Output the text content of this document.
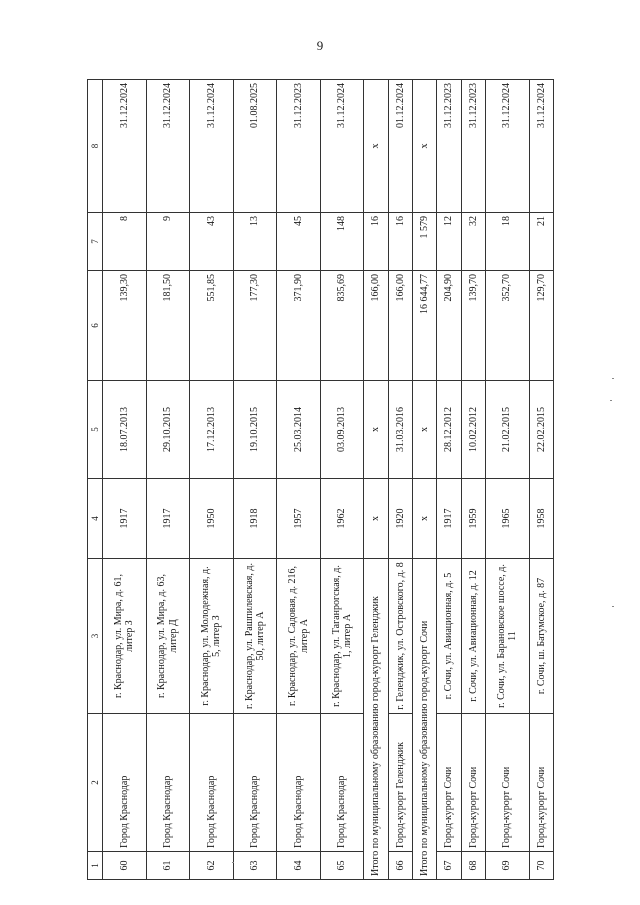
9
1	2	3	4	5	6	7	8
60	Город Краснодар	г. Краснодар, ул. Мира, д. 61, литер З	1917	18.07.2013	139,30	8	31.12.2024
61	Город Краснодар	г. Краснодар, ул. Мира, д. 63, литер Д	1917	29.10.2015	181,50	9	31.12.2024
62	Город Краснодар	г. Краснодар, ул. Молодежная, д. 5, литер З	1950	17.12.2013	551,85	43	31.12.2024
63	Город Краснодар	г. Краснодар, ул. Рашпилевская, д. 50, литер А	1918	19.10.2015	177,30	13	01.08.2025
64	Город Краснодар	г. Краснодар, ул. Садовая, д. 216, литер А	1957	25.03.2014	371,90	45	31.12.2023
65	Город Краснодар	г. Краснодар, ул. Таганрогская, д. 1, литер А	1962	03.09.2013	835,69	148	31.12.2024
Итого по муниципальному образованию город-курорт Геленджик			х	х	166,00	16	х
66	Город-курорт Геленджик	г. Геленджик, ул. Островского, д. 8	1920	31.03.2016	166,00	16	01.12.2024
Итого по муниципальному образованию город-курорт Сочи			х	х	16 644,77	1 579	х
67	Город-курорт Сочи	г. Сочи, ул. Авиационная, д. 5	1917	28.12.2012	204,90	12	31.12.2023
68	Город-курорт Сочи	г. Сочи, ул. Авиационная, д. 12	1959	10.02.2012	139,70	32	31.12.2023
69	Город-курорт Сочи	г. Сочи, ул. Барановское шоссе, д. 11	1965	21.02.2015	352,70	18	31.12.2024
70	Город-курорт Сочи	г. Сочи, ш. Батумское, д. 87	1958	22.02.2015	129,70	21	31.12.2024
